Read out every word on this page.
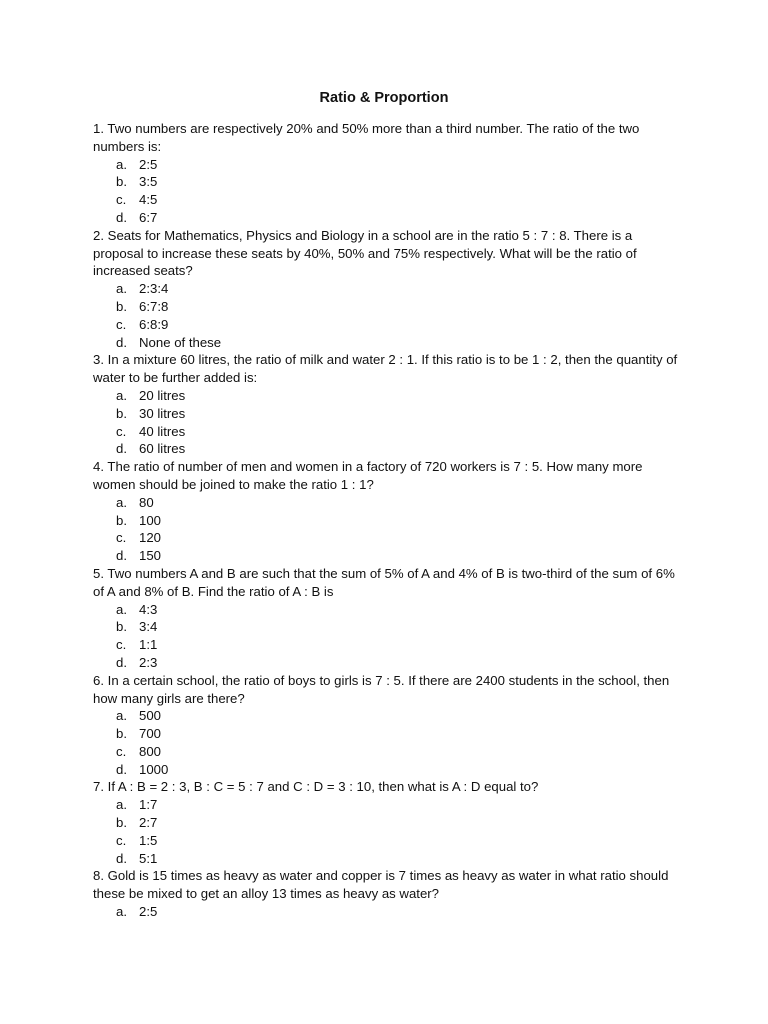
Ratio & Proportion

1. Two numbers are respectively 20% and 50% more than a third number. The ratio of the two numbers is:

a. 2:5
b. 3:5
c. 4:5
d. 6:7

2. Seats for Mathematics, Physics and Biology in a school are in the ratio 5 : 7 : 8. There is a proposal to increase these seats by 40%, 50% and 75% respectively. What will be the ratio of increased seats?

a. 2:3:4
b. 6:7:8
c. 6:8:9
d. None of these

3. In a mixture 60 litres, the ratio of milk and water 2 : 1. If this ratio is to be 1 : 2, then the quantity of water to be further added is:

a. 20 litres
b. 30 litres
c. 40 litres
d. 60 litres

4. The ratio of number of men and women in a factory of 720 workers is 7 : 5. How many more women should be joined to make the ratio 1 : 1?

a. 80
b. 100
c. 120
d. 150

5. Two numbers A and B are such that the sum of 5% of A and 4% of B is two-third of the sum of 6% of A and 8% of B. Find the ratio of A : B is

a. 4:3
b. 3:4
c. 1:1
d. 2:3

6. In a certain school, the ratio of boys to girls is 7 : 5. If there are 2400 students in the school, then how many girls are there?

a. 500
b. 700
c. 800
d. 1000

7. If A : B = 2 : 3, B : C = 5 : 7 and C : D = 3 : 10, then what is A : D equal to?

a. 1:7
b. 2:7
c. 1:5
d. 5:1

8. Gold is 15 times as heavy as water and copper is 7 times as heavy as water in what ratio should these be mixed to get an alloy 13 times as heavy as water?

a. 2:5
